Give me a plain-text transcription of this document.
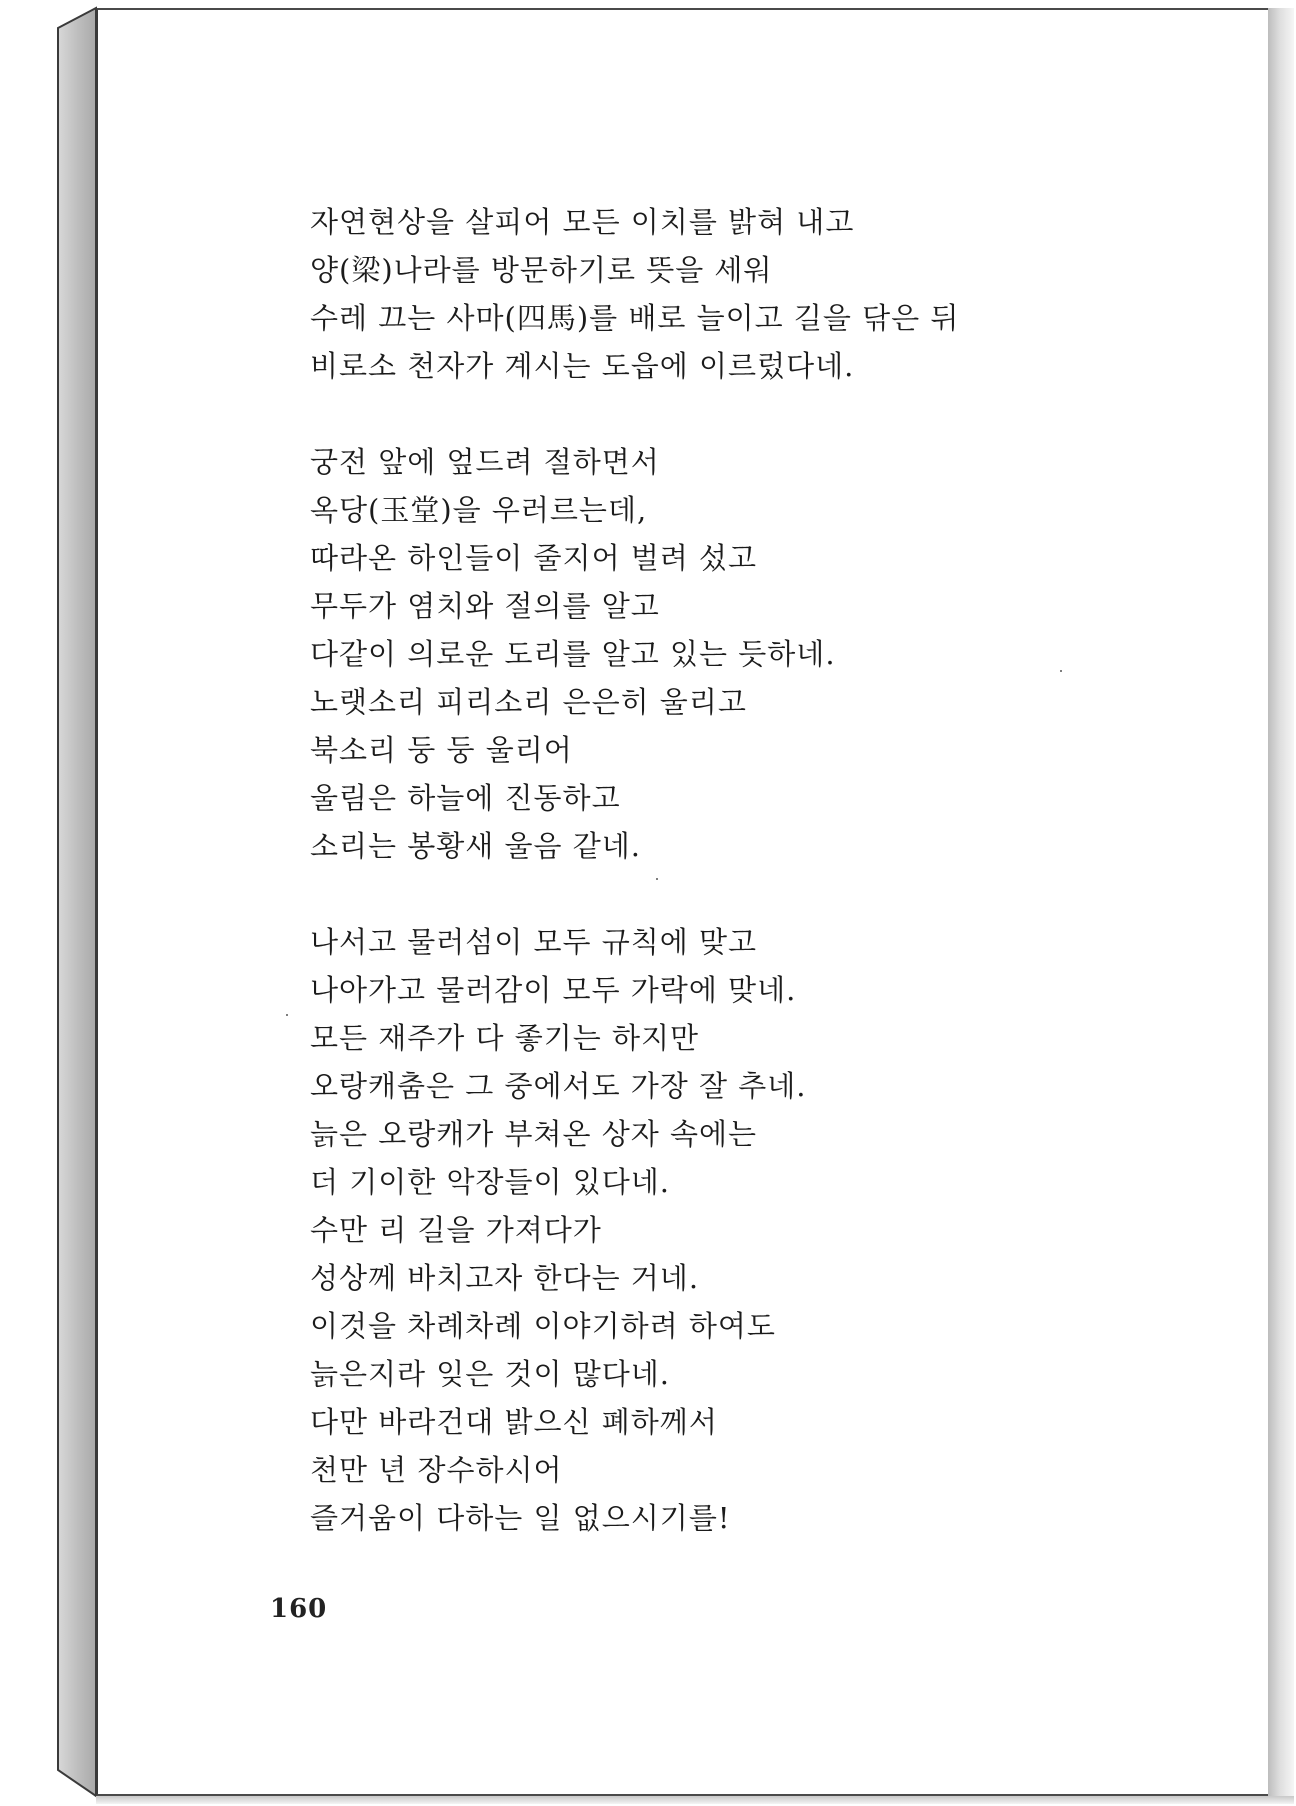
자연현상을 살피어 모든 이치를 밝혀 내고
양(梁)나라를 방문하기로 뜻을 세워
수레 끄는 사마(四馬)를 배로 늘이고 길을 닦은 뒤
비로소 천자가 계시는 도읍에 이르렀다네.
궁전 앞에 엎드려 절하면서
옥당(玉堂)을 우러르는데,
따라온 하인들이 줄지어 벌려 섰고
무두가 염치와 절의를 알고
다같이 의로운 도리를 알고 있는 듯하네.
노랫소리 피리소리 은은히 울리고
북소리 둥 둥 울리어
울림은 하늘에 진동하고
소리는 봉황새 울음 같네.
나서고 물러섬이 모두 규칙에 맞고
나아가고 물러감이 모두 가락에 맞네.
모든 재주가 다 좋기는 하지만
오랑캐춤은 그 중에서도 가장 잘 추네.
늙은 오랑캐가 부쳐온 상자 속에는
더 기이한 악장들이 있다네.
수만 리 길을 가져다가
성상께 바치고자 한다는 거네.
이것을 차례차례 이야기하려 하여도
늙은지라 잊은 것이 많다네.
다만 바라건대 밝으신 폐하께서
천만 년 장수하시어
즐거움이 다하는 일 없으시기를!
160
